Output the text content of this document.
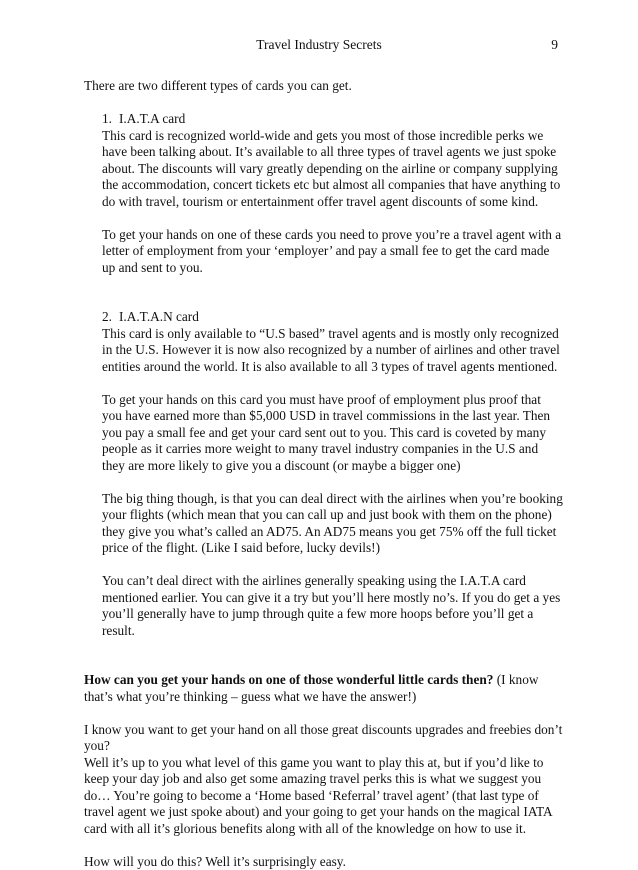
Travel Industry Secrets	9

There are two different types of cards you can get.

1. I.A.T.A card

This card is recognized world-wide and gets you most of those incredible perks we have been talking about. It’s available to all three types of travel agents we just spoke about. The discounts will vary greatly depending on the airline or company supplying the accommodation, concert tickets etc but almost all companies that have anything to do with travel, tourism or entertainment offer travel agent discounts of some kind.

To get your hands on one of these cards you need to prove you’re a travel agent with a letter of employment from your ‘employer’ and pay a small fee to get the card made up and sent to you.

2. I.A.T.A.N card

This card is only available to “U.S based” travel agents and is mostly only recognized in the U.S. However it is now also recognized by a number of airlines and other travel entities around the world. It is also available to all 3 types of travel agents mentioned.

To get your hands on this card you must have proof of employment plus proof that you have earned more than $5,000 USD in travel commissions in the last year. Then you pay a small fee and get your card sent out to you. This card is coveted by many people as it carries more weight to many travel industry companies in the U.S and they are more likely to give you a discount (or maybe a bigger one)

The big thing though, is that you can deal direct with the airlines when you’re booking your flights (which mean that you can call up and just book with them on the phone) they give you what’s called an AD75. An AD75 means you get 75% off the full ticket price of the flight. (Like I said before, lucky devils!)

You can’t deal direct with the airlines generally speaking using the I.A.T.A card mentioned earlier. You can give it a try but you’ll here mostly no’s. If you do get a yes you’ll generally have to jump through quite a few more hoops before you’ll get a result.

How can you get your hands on one of those wonderful little cards then? (I know that’s what you’re thinking – guess what we have the answer!)

I know you want to get your hand on all those great discounts upgrades and freebies don’t you?

Well it’s up to you what level of this game you want to play this at, but if you’d like to keep your day job and also get some amazing travel perks this is what we suggest you do… You’re going to become a ‘Home based ‘Referral’ travel agent’ (that last type of travel agent we just spoke about) and your going to get your hands on the magical IATA card with all it’s glorious benefits along with all of the knowledge on how to use it.

How will you do this? Well it’s surprisingly easy.
